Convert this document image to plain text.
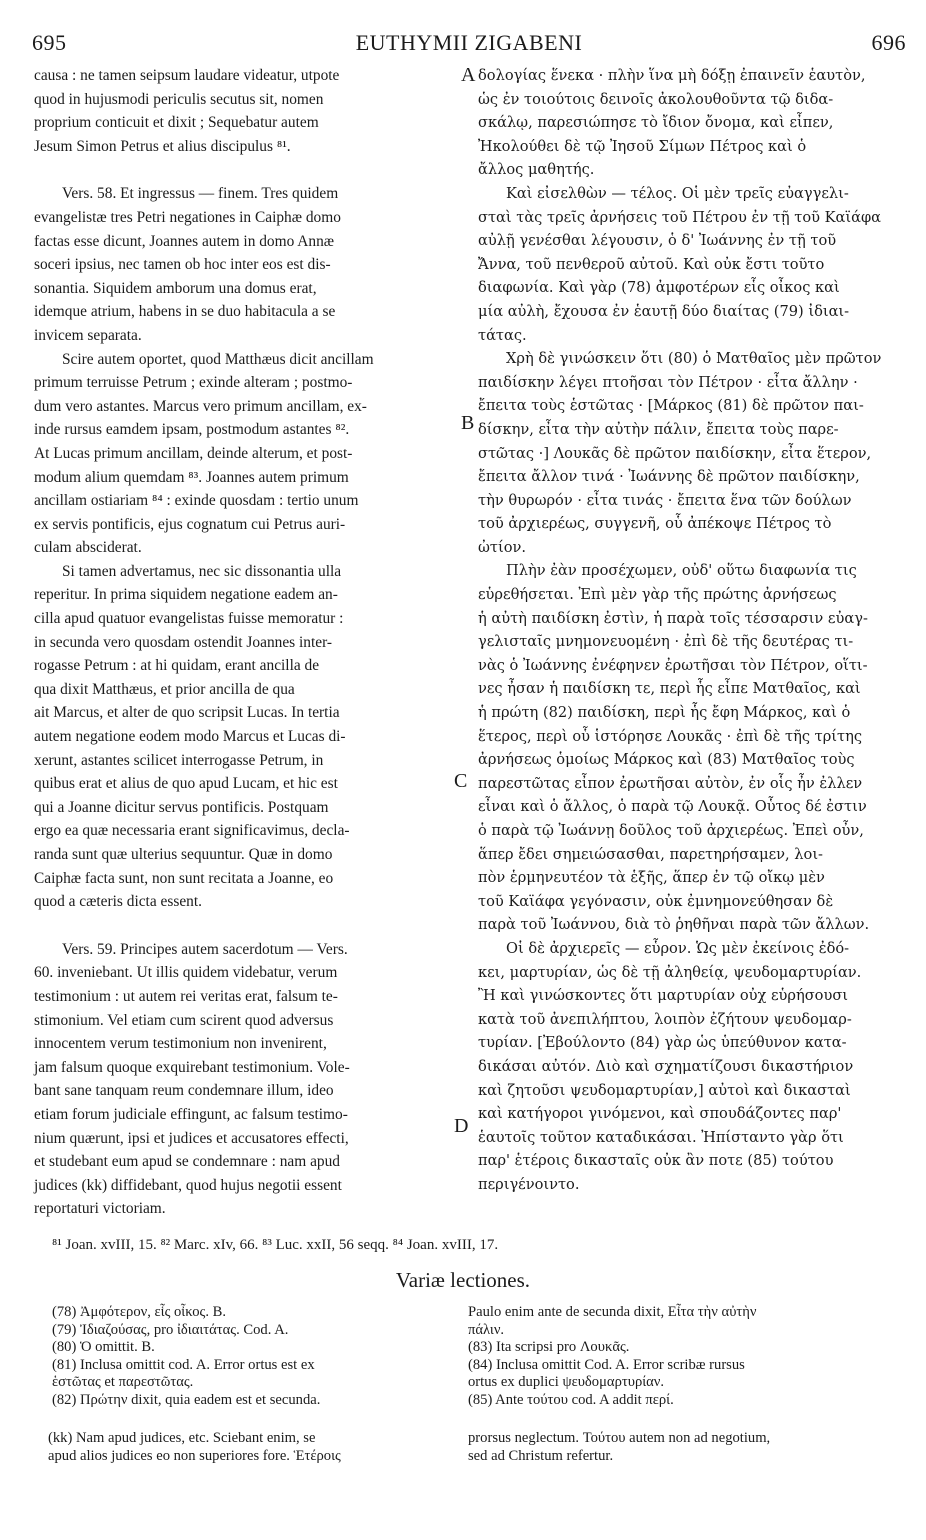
695	EUTHYMII ZIGABENI	696

causa : ne tamen seipsum laudare videatur, utpote

quod in hujusmodi periculis secutus sit, nomen

proprium conticuit et dixit ; Sequebatur autem

Jesum Simon Petrus et alius discipulus ⁸¹.

Vers. 58. Et ingressus — finem. Tres quidem

evangelistæ tres Petri negationes in Caiphæ domo

factas esse dicunt, Joannes autem in domo Annæ

soceri ipsius, nec tamen ob hoc inter eos est dis-

sonantia. Siquidem amborum una domus erat,

idemque atrium, habens in se duo habitacula a se

invicem separata.

Scire autem oportet, quod Matthæus dicit ancillam

primum terruisse Petrum ; exinde alteram ; postmo-

dum vero astantes. Marcus vero primum ancillam, ex-

inde rursus eamdem ipsam, postmodum astantes ⁸².

At Lucas primum ancillam, deinde alterum, et post-

modum alium quemdam ⁸³. Joannes autem primum

ancillam ostiariam ⁸⁴ : exinde quosdam : tertio unum

ex servis pontificis, ejus cognatum cui Petrus auri-

culam absciderat.

Si tamen advertamus, nec sic dissonantia ulla

reperitur. In prima siquidem negatione eadem an-

cilla apud quatuor evangelistas fuisse memoratur :

in secunda vero quosdam ostendit Joannes inter-

rogasse Petrum : at hi quidam, erant ancilla de

qua dixit Matthæus, et prior ancilla de qua

ait Marcus, et alter de quo scripsit Lucas. In tertia

autem negatione eodem modo Marcus et Lucas di-

xerunt, astantes scilicet interrogasse Petrum, in

quibus erat et alius de quo apud Lucam, et hic est

qui a Joanne dicitur servus pontificis. Postquam

ergo ea quæ necessaria erant significavimus, decla-

randa sunt quæ ulterius sequuntur. Quæ in domo

Caiphæ facta sunt, non sunt recitata a Joanne, eo

quod a cæteris dicta essent.

Vers. 59. Principes autem sacerdotum — Vers.

60. inveniebant. Ut illis quidem videbatur, verum

testimonium : ut autem rei veritas erat, falsum te-

stimonium. Vel etiam cum scirent quod adversus

innocentem verum testimonium non invenirent,

jam falsum quoque exquirebant testimonium. Vole-

bant sane tanquam reum condemnare illum, ideo

etiam forum judiciale effingunt, ac falsum testimo-

nium quærunt, ipsi et judices et accusatores effecti,

et studebant eum apud se condemnare : nam apud

judices (kk) diffidebant, quod hujus negotii essent

reportaturi victoriam.

A
B
C
D

δολογίας ἕνεκα · πλὴν ἵνα μὴ δόξῃ ἐπαινεῖν ἑαυτὸν,

ὡς ἐν τοιούτοις δεινοῖς ἀκολουθοῦντα τῷ διδα-

σκάλῳ, παρεσιώπησε τὸ ἴδιον ὄνομα, καὶ εἶπεν,

Ἠκολούθει δὲ τῷ Ἰησοῦ Σίμων Πέτρος καὶ ὁ

ἄλλος μαθητής.

Καὶ εἰσελθὼν — τέλος. Οἱ μὲν τρεῖς εὐαγγελι-

σταὶ τὰς τρεῖς ἀρνήσεις τοῦ Πέτρου ἐν τῇ τοῦ Καϊάφα

αὐλῇ γενέσθαι λέγουσιν, ὁ δ' Ἰωάννης ἐν τῇ τοῦ

Ἄννα, τοῦ πενθεροῦ αὐτοῦ. Καὶ οὐκ ἔστι τοῦτο

διαφωνία. Καὶ γὰρ (78) ἀμφοτέρων εἷς οἶκος καὶ

μία αὐλὴ, ἔχουσα ἐν ἑαυτῇ δύο διαίτας (79) ἰδιαι-

τάτας.

Χρὴ δὲ γινώσκειν ὅτι (80) ὁ Ματθαῖος μὲν πρῶτον

παιδίσκην λέγει πτοῆσαι τὸν Πέτρον · εἶτα ἄλλην ·

ἔπειτα τοὺς ἑστῶτας · [Μάρκος (81) δὲ πρῶτον παι-

δίσκην, εἶτα τὴν αὐτὴν πάλιν, ἔπειτα τοὺς παρε-

στῶτας ·] Λουκᾶς δὲ πρῶτον παιδίσκην, εἶτα ἕτερον,

ἔπειτα ἄλλον τινά · Ἰωάννης δὲ πρῶτον παιδίσκην,

τὴν θυρωρόν · εἶτα τινάς · ἔπειτα ἕνα τῶν δούλων

τοῦ ἀρχιερέως, συγγενῆ, οὗ ἀπέκοψε Πέτρος τὸ

ὠτίον.

Πλὴν ἐὰν προσέχωμεν, οὐδ' οὕτω διαφωνία τις

εὑρεθήσεται. Ἐπὶ μὲν γὰρ τῆς πρώτης ἀρνήσεως

ἡ αὐτὴ παιδίσκη ἐστὶν, ἡ παρὰ τοῖς τέσσαρσιν εὐαγ-

γελισταῖς μνημονευομένη · ἐπὶ δὲ τῆς δευτέρας τι-

νὰς ὁ Ἰωάννης ἐνέφηνεν ἐρωτῆσαι τὸν Πέτρον, οἵτι-

νες ἦσαν ἡ παιδίσκη τε, περὶ ἧς εἶπε Ματθαῖος, καὶ

ἡ πρώτη (82) παιδίσκη, περὶ ἧς ἔφη Μάρκος, καὶ ὁ

ἕτερος, περὶ οὗ ἱστόρησε Λουκᾶς · ἐπὶ δὲ τῆς τρίτης

ἀρνήσεως ὁμοίως Μάρκος καὶ (83) Ματθαῖος τοὺς

παρεστῶτας εἶπον ἐρωτῆσαι αὐτὸν, ἐν οἷς ἦν ἐλλεν

εἶναι καὶ ὁ ἄλλος, ὁ παρὰ τῷ Λουκᾷ. Οὗτος δέ ἐστιν

ὁ παρὰ τῷ Ἰωάννῃ δοῦλος τοῦ ἀρχιερέως. Ἐπεὶ οὖν,

ἅπερ ἔδει σημειώσασθαι, παρετηρήσαμεν, λοι-

πὸν ἑρμηνευτέον τὰ ἑξῆς, ἅπερ ἐν τῷ οἴκῳ μὲν

τοῦ Καϊάφα γεγόνασιν, οὐκ ἐμνημονεύθησαν δὲ

παρὰ τοῦ Ἰωάννου, διὰ τὸ ῥηθῆναι παρὰ τῶν ἄλλων.

Οἱ δὲ ἀρχιερεῖς — εὗρον. Ὡς μὲν ἐκείνοις ἐδό-

κει, μαρτυρίαν, ὡς δὲ τῇ ἀληθείᾳ, ψευδομαρτυρίαν.

Ἢ καὶ γινώσκοντες ὅτι μαρτυρίαν οὐχ εὑρήσουσι

κατὰ τοῦ ἀνεπιλήπτου, λοιπὸν ἐζήτουν ψευδομαρ-

τυρίαν. [Ἐβούλοντο (84) γὰρ ὡς ὑπεύθυνον κατα-

δικάσαι αὐτόν. Διὸ καὶ σχηματίζουσι δικαστήριον

καὶ ζητοῦσι ψευδομαρτυρίαν,] αὐτοὶ καὶ δικασταὶ

καὶ κατήγοροι γινόμενοι, καὶ σπουδάζοντες παρ'

ἑαυτοῖς τοῦτον καταδικάσαι. Ἠπίσταντο γὰρ ὅτι

παρ' ἑτέροις δικασταῖς οὐκ ἂν ποτε (85) τούτου

περιγένοιντο.

⁸¹ Joan. xvIII, 15. ⁸² Marc. xIv, 66. ⁸³ Luc. xxII, 56 seqq. ⁸⁴ Joan. xvIII, 17.
Variæ lectiones.

(78) Ἀμφότερον, εἷς οἶκος. B.

(79) Ἰδιαζούσας, pro ἰδιαιτάτας. Cod. A.

(80) Ὁ omittit. B.

(81) Inclusa omittit cod. A. Error ortus est ex

ἑστῶτας et παρεστῶτας.

(82) Πρώτην dixit, quia eadem est et secunda.

Paulo enim ante de secunda dixit, Εἶτα τὴν αὐτὴν

πάλιν.

(83) Ita scripsi pro Λουκᾶς.

(84) Inclusa omittit Cod. A. Error scribæ rursus

ortus ex duplici ψευδομαρτυρίαν.

(85) Ante τούτου cod. A addit περί.

(kk) Nam apud judices, etc. Sciebant enim, se

apud alios judices eo non superiores fore. Ἑτέροις

prorsus neglectum. Τούτου autem non ad negotium,

sed ad Christum refertur.
